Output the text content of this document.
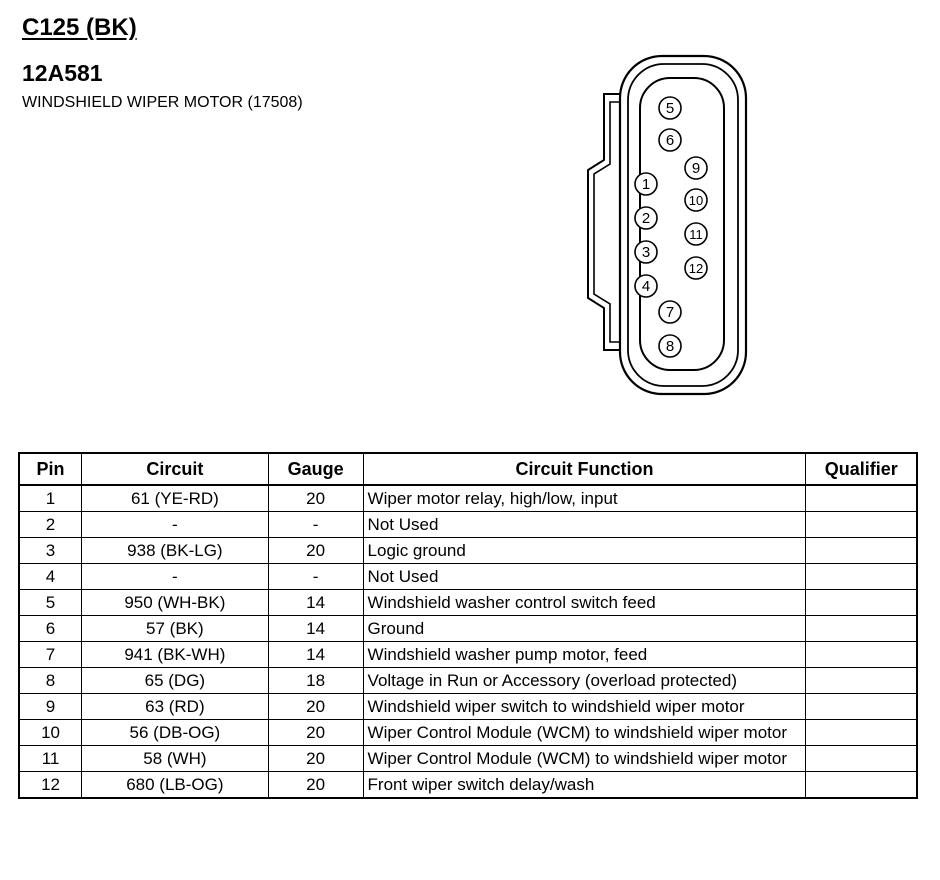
C125 (BK)
12A581

WINDSHIELD WIPER MOTOR (17508)	5
6
9
1
10
2
11
3
12
4
7
8
Pin	Circuit	Gauge	Circuit Function	Qualifier
1	61 (YE-RD)	20	Wiper motor relay, high/low, input	
2	-	-	Not Used	
3	938 (BK-LG)	20	Logic ground	
4	-	-	Not Used	
5	950 (WH-BK)	14	Windshield washer control switch feed	
6	57 (BK)	14	Ground	
7	941 (BK-WH)	14	Windshield washer pump motor, feed	
8	65 (DG)	18	Voltage in Run or Accessory (overload protected)	
9	63 (RD)	20	Windshield wiper switch to windshield wiper motor	
10	56 (DB-OG)	20	Wiper Control Module (WCM) to windshield wiper motor	
11	58 (WH)	20	Wiper Control Module (WCM) to windshield wiper motor	
12	680 (LB-OG)	20	Front wiper switch delay/wash	
